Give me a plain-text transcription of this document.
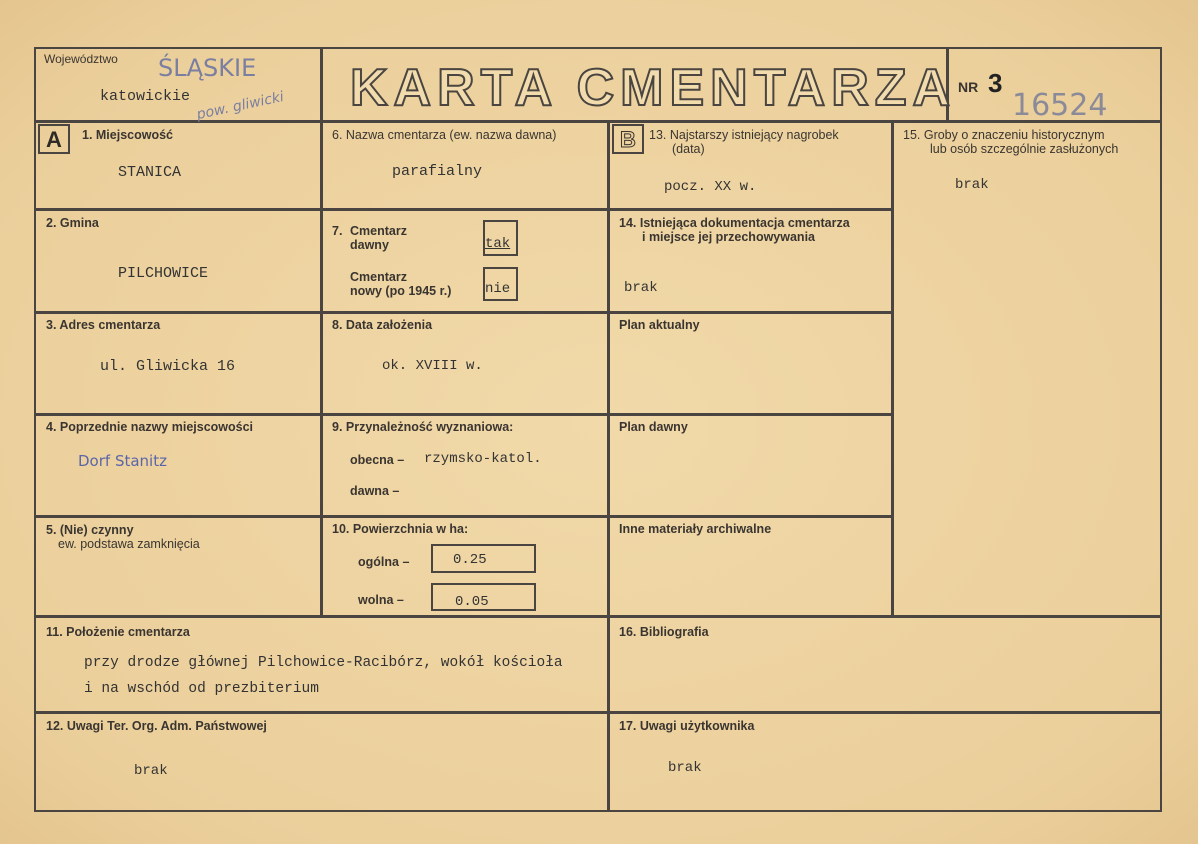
Województwo ŚLĄSKIE
katowickie pow. gliwicki KARTA CMENTARZA NR 3
16524
A	B
1. Miejscowość
STANICA
2. Gmina
PILCHOWICE
3. Adres cmentarza
ul. Gliwicka 16
4. Poprzednie nazwy miejscowości
Dorf Stanitz
5. (Nie) czynny
ew. podstawa zamknięcia
6. Nazwa cmentarza (ew. nazwa dawna)
parafialny
7. Cmentarz
dawny	tak
Cmentarz
nowy (po 1945 r.) nie
8. Data założenia
ok. XVIII w.
9. Przynależność wyznaniowa:
obecna – rzymsko-katol.
dawna –
10. Powierzchnia w ha:
ogólna –	0.25
wolna –	0.05
13. Najstarszy istniejący nagrobek
(data)
pocz. XX w.
14. Istniejąca dokumentacja cmentarza
i miejsce jej przechowywania
brak
Plan aktualny
Plan dawny
Inne materiały archiwalne
15. Groby o znaczeniu historycznym
lub osób szczególnie zasłużonych
brak
11. Położenie cmentarza
przy drodze głównej Pilchowice-Racibórz, wokół kościoła
i na wschód od prezbiterium
16. Bibliografia
12. Uwagi Ter. Org. Adm. Państwowej
brak
17. Uwagi użytkownika
brak
